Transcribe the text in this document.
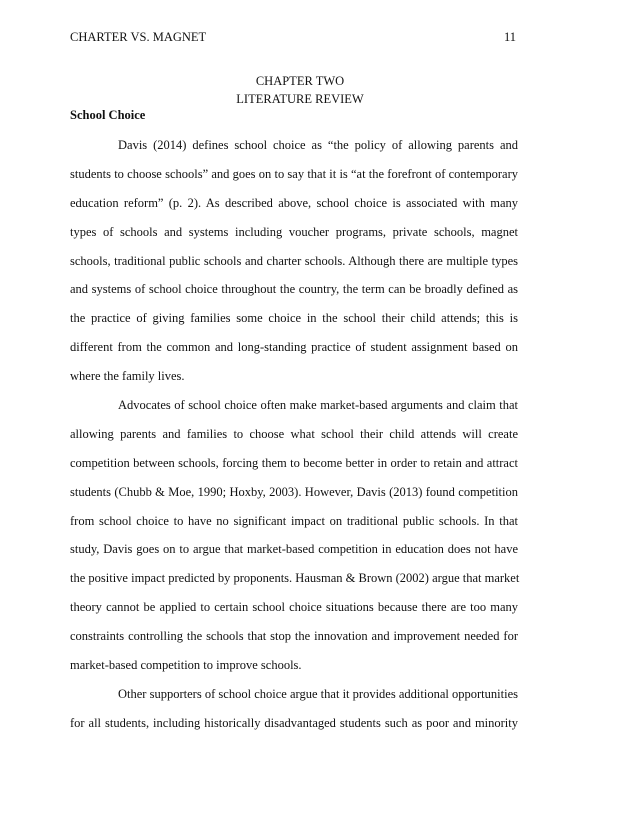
CHARTER VS. MAGNET	11
CHAPTER TWO
LITERATURE REVIEW
School Choice
Davis (2014) defines school choice as “the policy of allowing parents and
students to choose schools” and goes on to say that it is “at the forefront of contemporary
education reform” (p. 2). As described above, school choice is associated with many
types of schools and systems including voucher programs, private schools, magnet
schools, traditional public schools and charter schools. Although there are multiple types
and systems of school choice throughout the country, the term can be broadly defined as
the practice of giving families some choice in the school their child attends; this is
different from the common and long-standing practice of student assignment based on
where the family lives.
Advocates of school choice often make market-based arguments and claim that
allowing parents and families to choose what school their child attends will create
competition between schools, forcing them to become better in order to retain and attract
students (Chubb & Moe, 1990; Hoxby, 2003). However, Davis (2013) found competition
from school choice to have no significant impact on traditional public schools. In that
study, Davis goes on to argue that market-based competition in education does not have
the positive impact predicted by proponents. Hausman & Brown (2002) argue that market
theory cannot be applied to certain school choice situations because there are too many
constraints controlling the schools that stop the innovation and improvement needed for
market-based competition to improve schools.
Other supporters of school choice argue that it provides additional opportunities
for all students, including historically disadvantaged students such as poor and minority
